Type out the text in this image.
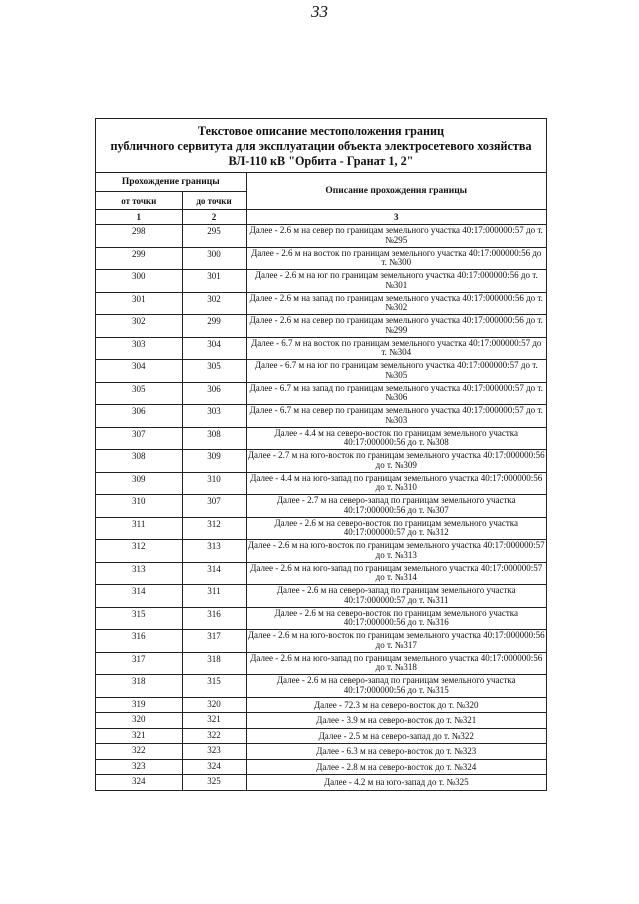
33
Текстовое описание местоположения границ
публичного сервитута для эксплуатации объекта электросетевого хозяйства
ВЛ-110 кВ "Орбита - Гранат 1, 2"
Прохождение границы		Описание прохождения границы
от точки	до точки	
1	2	3
298	295	Далее - 2.6 м на север по границам земельного участка 40:17:000000:57 до т. №295
299	300	Далее - 2.6 м на восток по границам земельного участка 40:17:000000:56 до т. №300
300	301	Далее - 2.6 м на юг по границам земельного участка 40:17:000000:56 до т. №301
301	302	Далее - 2.6 м на запад по границам земельного участка 40:17:000000:56 до т. №302
302	299	Далее - 2.6 м на север по границам земельного участка 40:17:000000:56 до т. №299
303	304	Далее - 6.7 м на восток по границам земельного участка 40:17:000000:57 до т. №304
304	305	Далее - 6.7 м на юг по границам земельного участка 40:17:000000:57 до т. №305
305	306	Далее - 6.7 м на запад по границам земельного участка 40:17:000000:57 до т. №306
306	303	Далее - 6.7 м на север по границам земельного участка 40:17:000000:57 до т. №303
307	308	Далее - 4.4 м на северо-восток по границам земельного участка 40:17:000000:56 до т. №308
308	309	Далее - 2.7 м на юго-восток по границам земельного участка 40:17:000000:56 до т. №309
309	310	Далее - 4.4 м на юго-запад по границам земельного участка 40:17:000000:56 до т. №310
310	307	Далее - 2.7 м на северо-запад по границам земельного участка 40:17:000000:56 до т. №307
311	312	Далее - 2.6 м на северо-восток по границам земельного участка 40:17:000000:57 до т. №312
312	313	Далее - 2.6 м на юго-восток по границам земельного участка 40:17:000000:57 до т. №313
313	314	Далее - 2.6 м на юго-запад по границам земельного участка 40:17:000000:57 до т. №314
314	311	Далее - 2.6 м на северо-запад по границам земельного участка 40:17:000000:57 до т. №311
315	316	Далее - 2.6 м на северо-восток по границам земельного участка 40:17:000000:56 до т. №316
316	317	Далее - 2.6 м на юго-восток по границам земельного участка 40:17:000000:56 до т. №317
317	318	Далее - 2.6 м на юго-запад по границам земельного участка 40:17:000000:56 до т. №318
318	315	Далее - 2.6 м на северо-запад по границам земельного участка 40:17:000000:56 до т. №315
319	320	Далее - 72.3 м на северо-восток до т. №320
320	321	Далее - 3.9 м на северо-восток до т. №321
321	322	Далее - 2.5 м на северо-запад до т. №322
322	323	Далее - 6.3 м на северо-восток до т. №323
323	324	Далее - 2.8 м на северо-восток до т. №324
324	325	Далее - 4.2 м на юго-запад до т. №325
